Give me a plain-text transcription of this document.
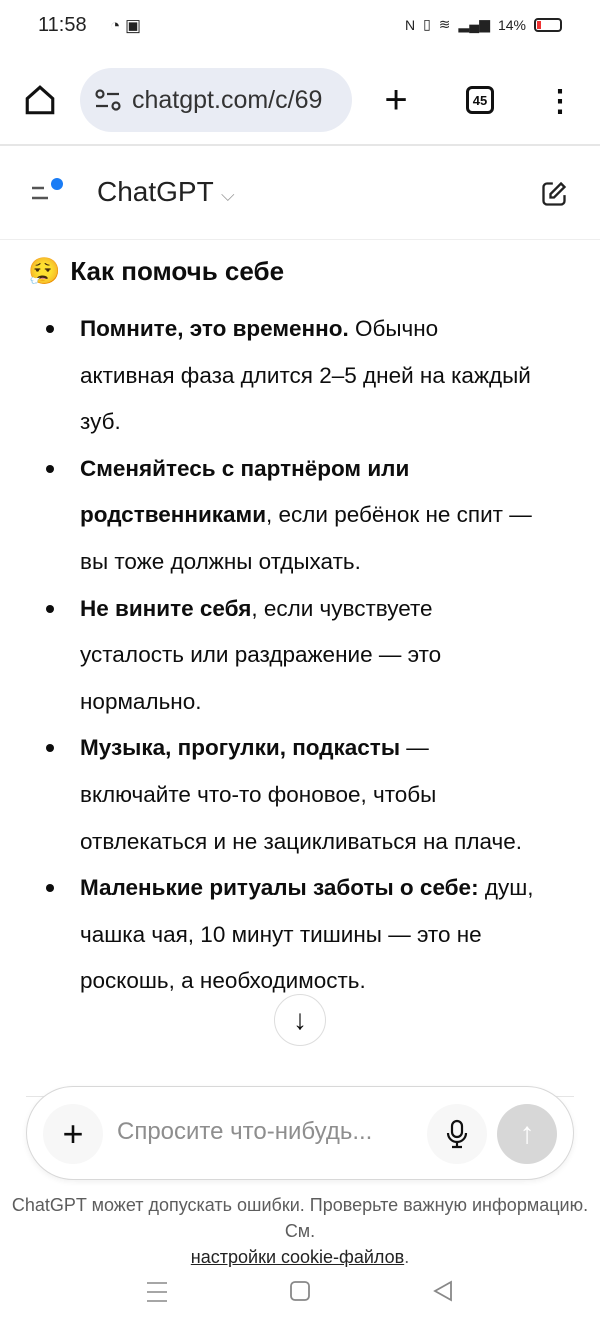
11:58 ◔ ▣	N ▯ ≋ ▂▄▆ 14%
chatgpt.com/c/69 +	45 ⋮
ChatGPT ⌵
😮‍💨 Как помочь себе
Помните, это временно. Обычно активная фаза длится 2–5 дней на каждый зуб.
Сменяйтесь с партнёром или родственниками, если ребёнок не спит — вы тоже должны отдыхать.
Не вините себя, если чувствуете усталость или раздражение — это нормально.
Музыка, прогулки, подкасты — включайте что-то фоновое, чтобы отвлекаться и не зацикливаться на плаче.
Маленькие ритуалы заботы о себе: душ, чашка чая, 10 минут тишины — это не роскошь, а необходимость.
↓
+ Спросите что-нибудь...	↑
ChatGPT может допускать ошибки. Проверьте важную информацию. См.
настройки cookie-файлов.
